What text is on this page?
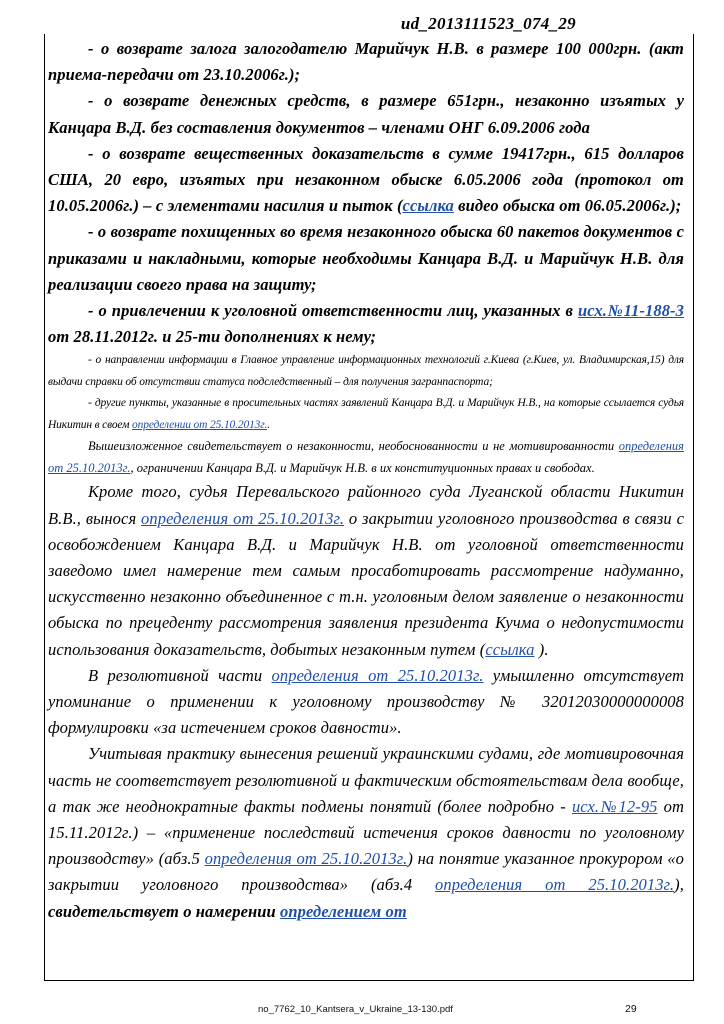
ud_2013111523_074_29

- о возврате залога залогодателю Марийчук Н.В. в размере 100 000грн. (акт приема-передачи от 23.10.2006г.);

- о возврате денежных средств, в размере 651грн., незаконно изъятых у Канцара В.Д. без составления документов – членами ОНГ 6.09.2006 года

- о возврате вещественных доказательств в сумме 19417грн., 615 долларов США, 20 евро, изъятых при незаконном обыске 6.05.2006 года (протокол от 10.05.2006г.) – с элементами насилия и пыток (ссылка видео обыска от 06.05.2006г.);

- о возврате похищенных во время незаконного обыска 60 пакетов документов с приказами и накладными, которые необходимы Канцара В.Д. и Марийчук Н.В. для реализации своего права на защиту;

- о привлечении к уголовной ответственности лиц, указанных в исх.№11-188-3 от 28.11.2012г. и 25-ти дополнениях к нему;

- о направлении информации в Главное управление информационных технологий г.Киева (г.Киев, ул. Владимирская,15) для выдачи справки об отсутствии статуса подследственный – для получения загранпаспорта;

- другие пункты, указанные в просительных частях заявлений Канцара В.Д. и Марийчук Н.В., на которые ссылается судья Никитин в своем определении от 25.10.2013г..

Вышеизложенное свидетельствует о незаконности, необоснованности и не мотивированности определения от 25.10.2013г., ограничении Канцара В.Д. и Марийчук Н.В. в их конституционных правах и свободах.

Кроме того, судья Перевальского районного суда Луганской области Никитин В.В., вынося определения от 25.10.2013г. о закрытии уголовного производства в связи с освобождением Канцара В.Д. и Марийчук Н.В. от уголовной ответственности заведомо имел намерение тем самым просаботировать рассмотрение надуманно, искусственно незаконно объединенное с т.н. уголовным делом заявление о незаконности обыска по прецеденту рассмотрения заявления президента Кучма о недопустимости использования доказательств, добытых незаконным путем (ссылка ).

В резолютивной части определения от 25.10.2013г. умышленно отсутствует упоминание о применении к уголовному производству № 32012030000000008 формулировки «за истечением сроков давности».

Учитывая практику вынесения решений украинскими судами, где мотивировочная часть не соответствует резолютивной и фактическим обстоятельствам дела вообще, а так же неоднократные факты подмены понятий (более подробно - исх.№12-95 от 15.11.2012г.) – «применение последствий истечения сроков давности по уголовному производству» (абз.5 определения от 25.10.2013г.) на понятие указанное прокурором «о закрытии уголовного производства» (абз.4 определения от 25.10.2013г.), свидетельствует о намерении определением от

no_7762_10_Kantsera_v_Ukraine_13-130.pdf	29
